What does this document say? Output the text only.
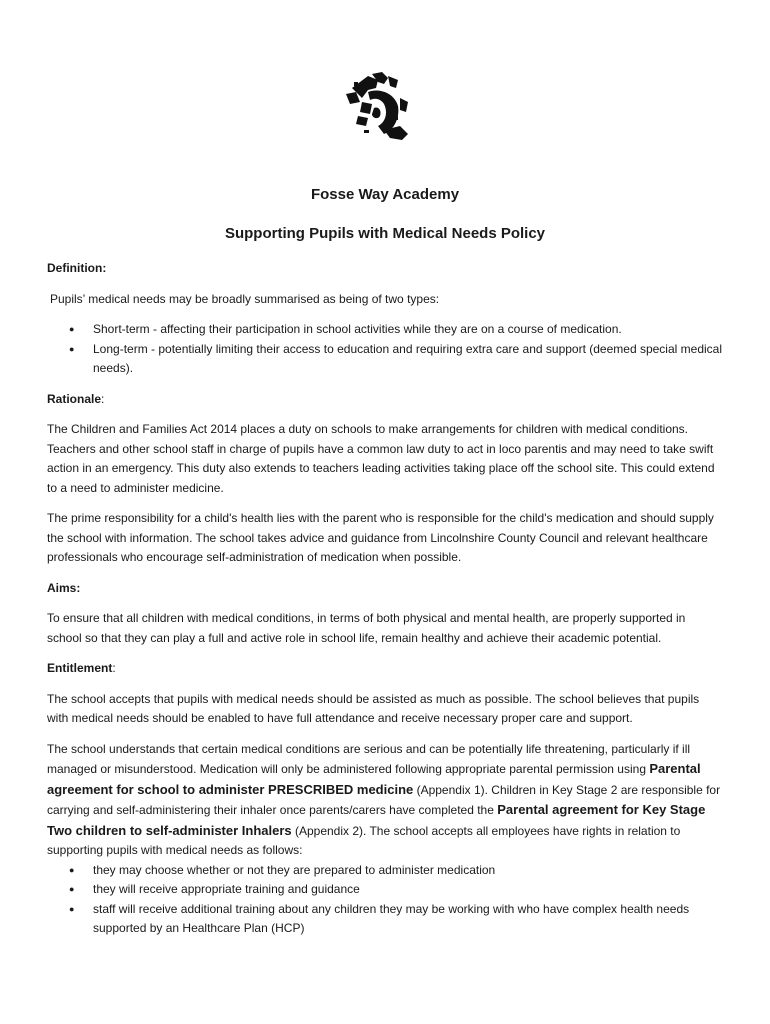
Fosse Way Academy
Supporting Pupils with Medical Needs Policy

Definition:

Pupils’ medical needs may be broadly summarised as being of two types:

● Short-term - affecting their participation in school activities while they are on a course of medication.
● Long-term - potentially limiting their access to education and requiring extra care and support (deemed special medical needs).

Rationale:

The Children and Families Act 2014 places a duty on schools to make arrangements for children with medical conditions. Teachers and other school staff in charge of pupils have a common law duty to act in loco parentis and may need to take swift action in an emergency. This duty also extends to teachers leading activities taking place off the school site. This could extend to a need to administer medicine.

The prime responsibility for a child's health lies with the parent who is responsible for the child's medication and should supply the school with information. The school takes advice and guidance from Lincolnshire County Council and relevant healthcare professionals who encourage self-administration of medication when possible.

Aims:

To ensure that all children with medical conditions, in terms of both physical and mental health, are properly supported in school so that they can play a full and active role in school life, remain healthy and achieve their academic potential.

Entitlement:

The school accepts that pupils with medical needs should be assisted as much as possible. The school believes that pupils with medical needs should be enabled to have full attendance and receive necessary proper care and support.

The school understands that certain medical conditions are serious and can be potentially life threatening, particularly if ill managed or misunderstood. Medication will only be administered following appropriate parental permission using Parental agreement for school to administer PRESCRIBED medicine (Appendix 1). Children in Key Stage 2 are responsible for carrying and self-administering their inhaler once parents/carers have completed the Parental agreement for Key Stage Two children to self-administer Inhalers (Appendix 2). The school accepts all employees have rights in relation to supporting pupils with medical needs as follows:

● they may choose whether or not they are prepared to administer medication
● they will receive appropriate training and guidance
● staff will receive additional training about any children they may be working with who have complex health needs supported by an Healthcare Plan (HCP)
